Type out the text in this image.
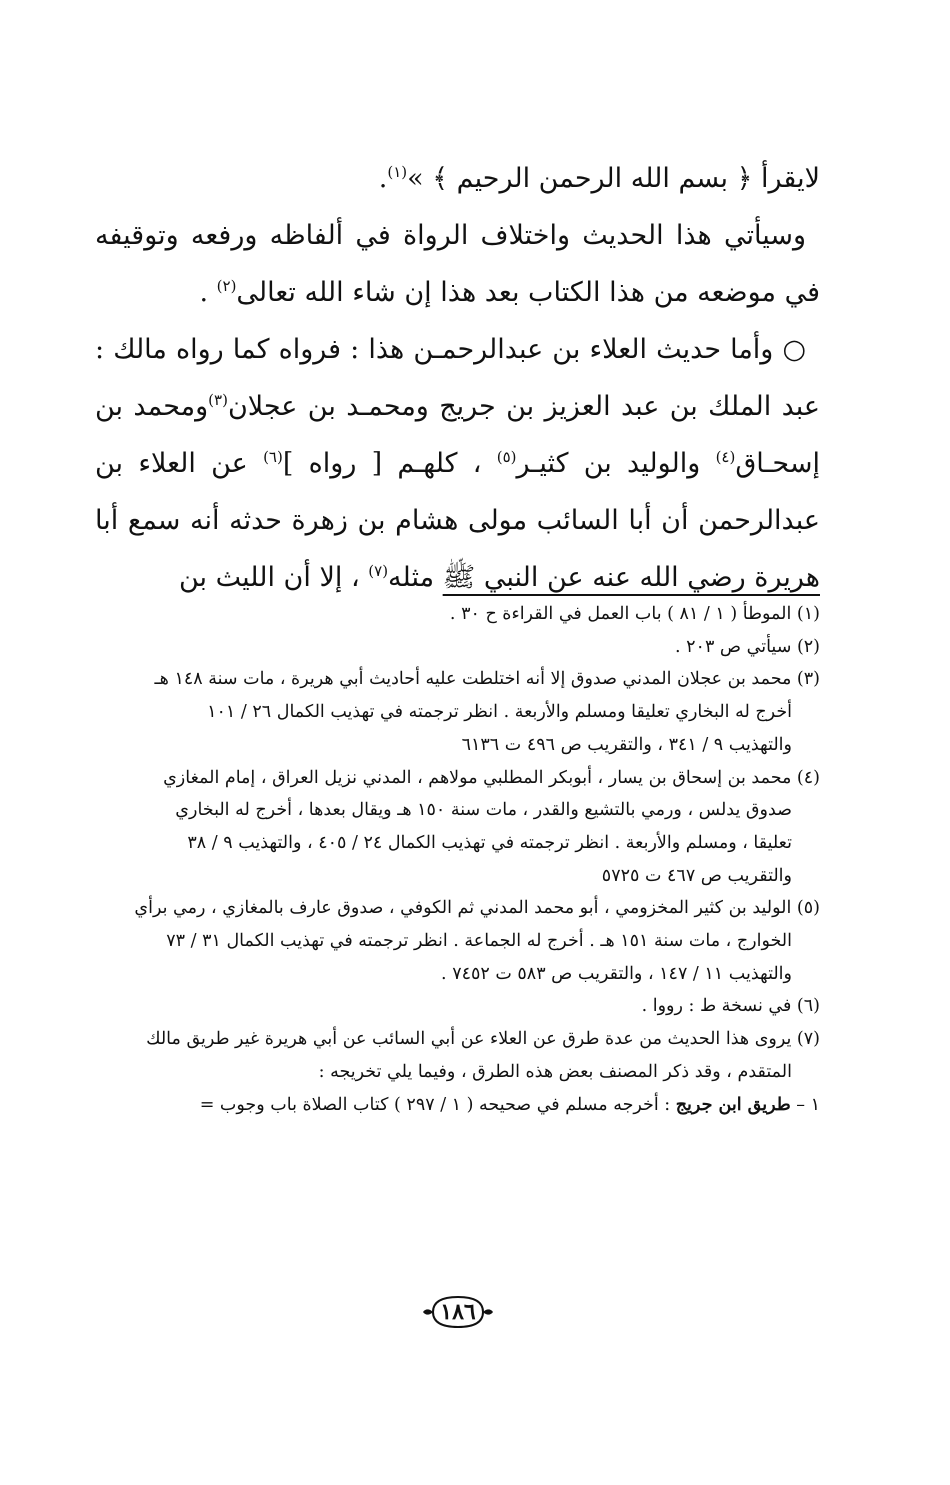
لايقرأ ﴿ بسم الله الرحمن الرحيم ﴾ »$^{(١)}$.

وسيأتي هذا الحديث واختلاف الرواة في ألفاظه ورفعه وتوقيفه في موضعه من هذا الكتاب بعد هذا إن شاء الله تعالى$^{(٢)}$ .

○ وأما حديث العلاء بن عبدالرحمـن هذا : فرواه كما رواه مالك : عبد الملك بن عبد العزيز بن جريج ومحمـد بن عجلان$^{(٣)}$ومحمد بن إسحـاق$^{(٤)}$ والوليد بن كثيـر$^{(٥)}$ ، كلهـم [ رواه ]$^{(٦)}$ عن العلاء بن عبدالرحمن أن أبا السائب مولى هشام بن زهرة حدثه أنه سمع أبا هريرة رضي الله عنه عن النبي ﷺ مثله$^{(٧)}$ ، إلا أن الليث بن

(١) الموطأ ( ١ / ٨١ ) باب العمل في القراءة ح ٣٠ .

(٢) سيأتي ص ٢٠٣ .

(٣) محمد بن عجلان المدني صدوق إلا أنه اختلطت عليه أحاديث أبي هريرة ، مات سنة ١٤٨ هـ

أخرج له البخاري تعليقا ومسلم والأربعة . انظر ترجمته في تهذيب الكمال ٢٦ / ١٠١

والتهذيب ٩ / ٣٤١ ، والتقريب ص ٤٩٦ ت ٦١٣٦

(٤) محمد بن إسحاق بن يسار ، أبوبكر المطلبي مولاهم ، المدني نزيل العراق ، إمام المغازي

صدوق يدلس ، ورمي بالتشيع والقدر ، مات سنة ١٥٠ هـ ويقال بعدها ، أخرج له البخاري

تعليقا ، ومسلم والأربعة . انظر ترجمته في تهذيب الكمال ٢٤ / ٤٠٥ ، والتهذيب ٩ / ٣٨

والتقريب ص ٤٦٧ ت ٥٧٢٥

(٥) الوليد بن كثير المخزومي ، أبو محمد المدني ثم الكوفي ، صدوق عارف بالمغازي ، رمي برأي

الخوارج ، مات سنة ١٥١ هـ . أخرج له الجماعة . انظر ترجمته في تهذيب الكمال ٣١ / ٧٣

والتهذيب ١١ / ١٤٧ ، والتقريب ص ٥٨٣ ت ٧٤٥٢ .

(٦) في نسخة ط : رووا .

(٧) يروى هذا الحديث من عدة طرق عن العلاء عن أبي السائب عن أبي هريرة غير طريق مالك

المتقدم ، وقد ذكر المصنف بعض هذه الطرق ، وفيما يلي تخريجه :

١ – طريق ابن جريج : أخرجه مسلم في صحيحه ( ١ / ٢٩٧ ) كتاب الصلاة باب وجوب =

١٨٦
